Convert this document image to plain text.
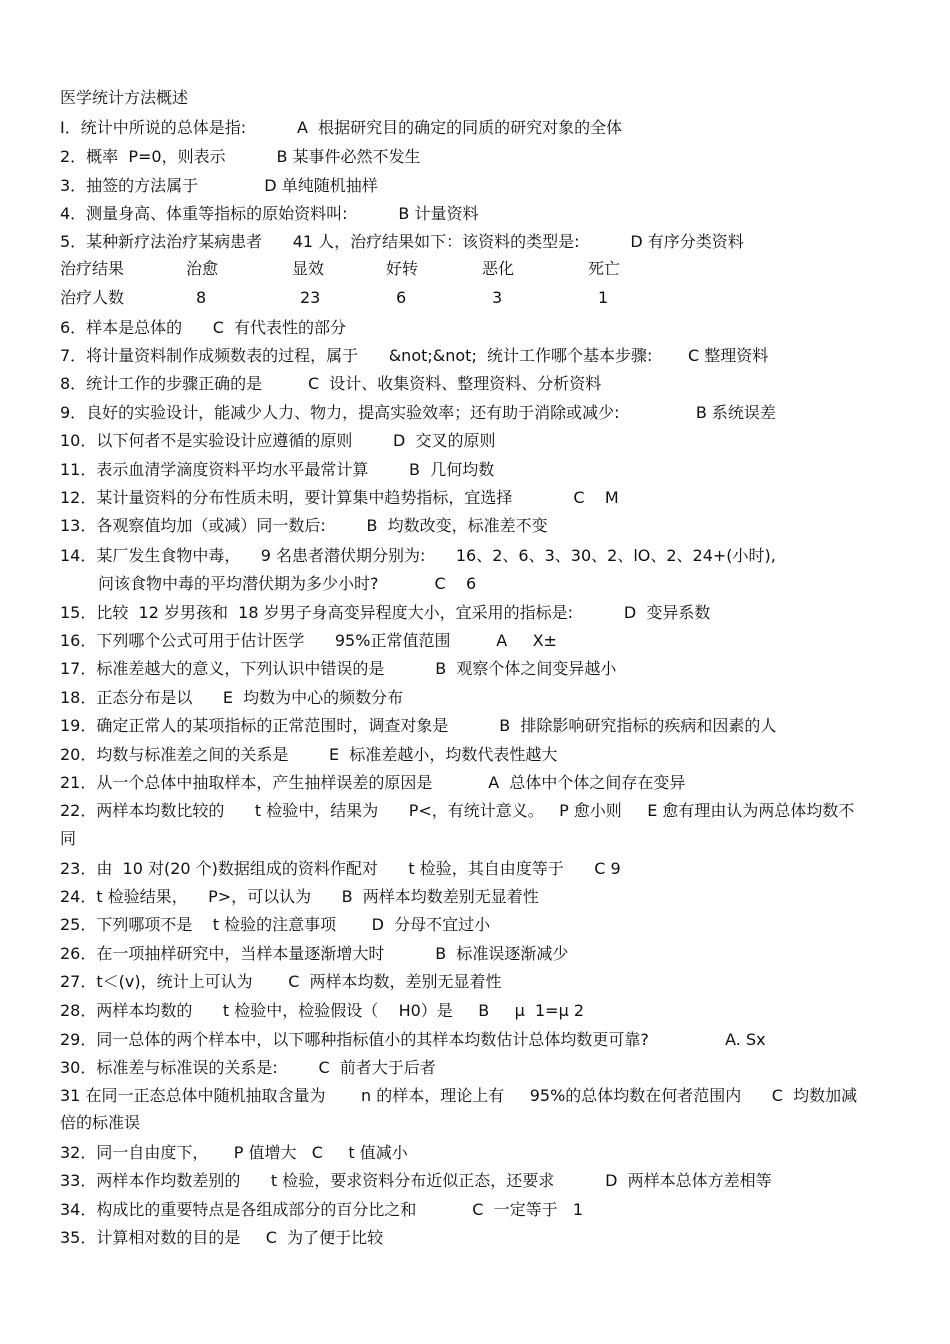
医学统计方法概述
I．统计中所说的总体是指:          A  根据研究目的确定的同质的研究对象的全体
2．概率  P=0，则表示          B 某事件必然不发生
3．抽签的方法属于             D 单纯随机抽样
4．测量身高、体重等指标的原始资料叫:          B 计量资料
5．某种新疗法治疗某病患者      41 人，治疗结果如下：该资料的类型是:          D 有序分类资料
治疗结果	治愈	显效	好转	恶化	死亡
治疗人数	8	23	6	3	1
6．样本是总体的      C  有代表性的部分
7．将计量资料制作成频数表的过程，属于      &not;&not;  统计工作哪个基本步骤:       C 整理资料
8．统计工作的步骤正确的是         C  设计、收集资料、整理资料、分析资料
9．良好的实验设计，能减少人力、物力，提高实验效率；还有助于消除或减少:               B 系统误差
10．以下何者不是实验设计应遵循的原则        D  交叉的原则
11．表示血清学滴度资料平均水平最常计算        B  几何均数
12．某计量资料的分布性质未明，要计算集中趋势指标，宜选择            C    M
13．各观察值均加（或减）同一数后:        B  均数改变，标准差不变
14．某厂发生食物中毒，    9 名患者潜伏期分别为:      16、2、6、3、30、2、lO、2、24+(小时),
问该食物中毒的平均潜伏期为多少小时?           C    6
15．比较  12 岁男孩和  18 岁男子身高变异程度大小，宜采用的指标是:          D  变异系数
16．下列哪个公式可用于估计医学      95%正常值范围         A     X±
17．标准差越大的意义，下列认识中错误的是          B  观察个体之间变异越小
18．正态分布是以      E  均数为中心的频数分布
19．确定正常人的某项指标的正常范围时，调查对象是          B  排除影响研究指标的疾病和因素的人
20．均数与标准差之间的关系是        E  标准差越小，均数代表性越大
21．从一个总体中抽取样本，产生抽样误差的原因是           A  总体中个体之间存在变异
22．两样本均数比较的      t 检验中，结果为      P<，有统计意义。   P 愈小则     E 愈有理由认为两总体均数不
同
23．由  10 对(20 个)数据组成的资料作配对      t 检验，其自由度等于      C 9
24．t 检验结果，    P>，可以认为      B  两样本均数差别无显着性
25．下列哪项不是    t 检验的注意事项       D  分母不宜过小
26．在一项抽样研究中，当样本量逐渐增大时          B  标准误逐渐减少
27．t＜(v)，统计上可认为       C  两样本均数，差别无显着性
28．两样本均数的      t 检验中，检验假设（    H0）是     B     μ  1=μ 2
29．同一总体的两个样本中，以下哪种指标值小的其样本均数估计总体均数更可靠?               A. Sx
30．标准差与标准误的关系是:        C  前者大于后者
31 在同一正态总体中随机抽取含量为       n 的样本，理论上有     95%的总体均数在何者范围内      C  均数加减
倍的标准误
32．同一自由度下，     P 值增大   C     t 值减小
33．两样本作均数差别的      t 检验，要求资料分布近似正态，还要求          D  两样本总体方差相等
34．构成比的重要特点是各组成部分的百分比之和           C  一定等于   1
35．计算相对数的目的是     C  为了便于比较
